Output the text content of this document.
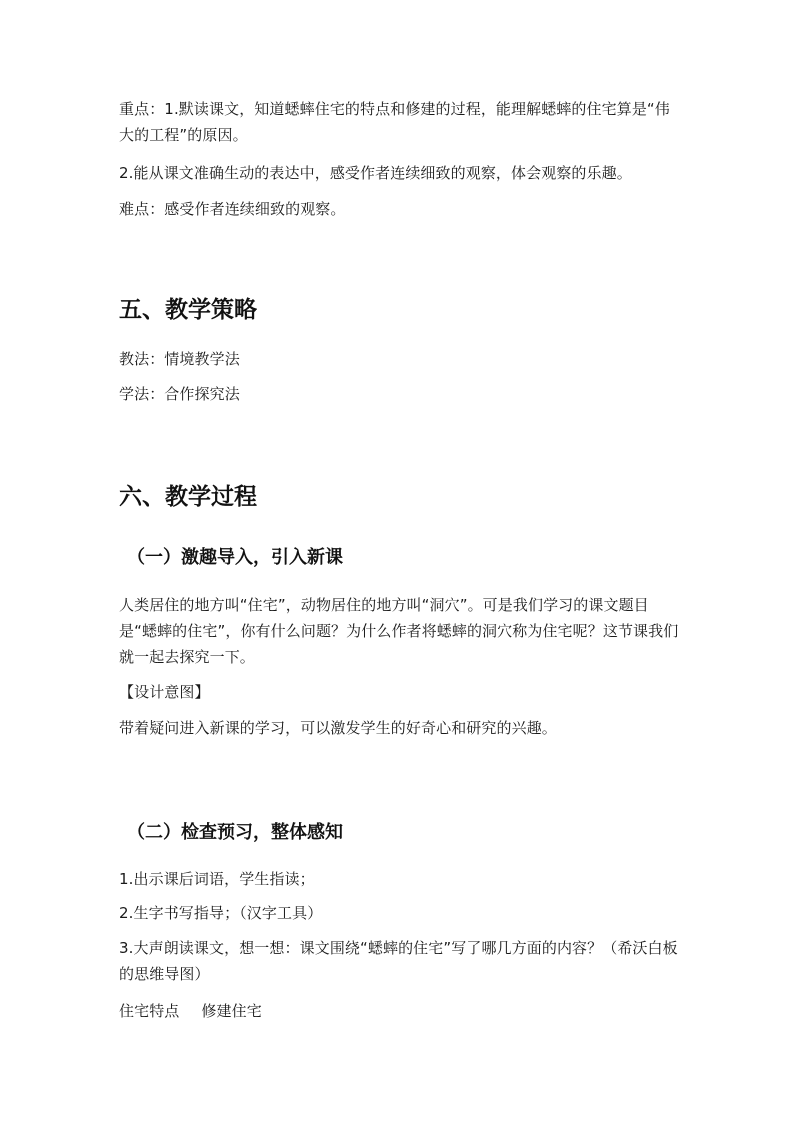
重点：1.默读课文，知道蟋蟀住宅的特点和修建的过程，能理解蟋蟀的住宅算是“伟大的工程”的原因。

2.能从课文准确生动的表达中，感受作者连续细致的观察，体会观察的乐趣。

难点：感受作者连续细致的观察。

五、教学策略

教法：情境教学法

学法：合作探究法

六、教学过程
（一）激趣导入，引入新课

人类居住的地方叫“住宅”，动物居住的地方叫“洞穴”。可是我们学习的课文题目是“蟋蟀的住宅”，你有什么问题？为什么作者将蟋蟀的洞穴称为住宅呢？这节课我们就一起去探究一下。

【设计意图】

带着疑问进入新课的学习，可以激发学生的好奇心和研究的兴趣。

（二）检查预习，整体感知

1.出示课后词语，学生指读；

2.生字书写指导；（汉字工具）

3.大声朗读课文，想一想：课文围绕“蟋蟀的住宅”写了哪几方面的内容？（希沃白板的思维导图）

住宅特点 修建住宅
